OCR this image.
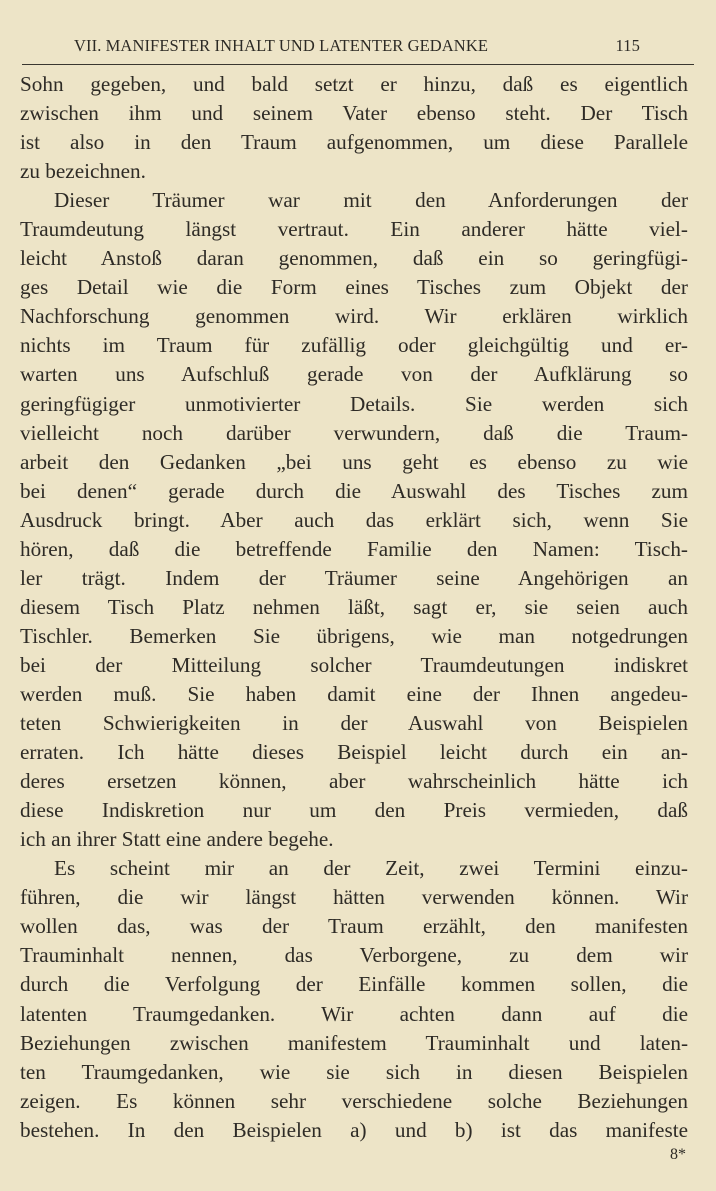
VII. MANIFESTER INHALT UND LATENTER GEDANKE	115
Sohn gegeben, und bald setzt er hinzu, daß es eigentlich
zwischen ihm und seinem Vater ebenso steht. Der Tisch
ist also in den Traum aufgenommen, um diese Parallele
zu bezeichnen.
Dieser Träumer war mit den Anforderungen der
Traumdeutung längst vertraut. Ein anderer hätte viel-
leicht Anstoß daran genommen, daß ein so geringfügi-
ges Detail wie die Form eines Tisches zum Objekt der
Nachforschung genommen wird. Wir erklären wirklich
nichts im Traum für zufällig oder gleichgültig und er-
warten uns Aufschluß gerade von der Aufklärung so
geringfügiger unmotivierter Details. Sie werden sich
vielleicht noch darüber verwundern, daß die Traum-
arbeit den Gedanken „bei uns geht es ebenso zu wie
bei denen“ gerade durch die Auswahl des Tisches zum
Ausdruck bringt. Aber auch das erklärt sich, wenn Sie
hören, daß die betreffende Familie den Namen: Tisch-
ler trägt. Indem der Träumer seine Angehörigen an
diesem Tisch Platz nehmen läßt, sagt er, sie seien auch
Tischler. Bemerken Sie übrigens, wie man notgedrungen
bei der Mitteilung solcher Traumdeutungen indiskret
werden muß. Sie haben damit eine der Ihnen angedeu-
teten Schwierigkeiten in der Auswahl von Beispielen
erraten. Ich hätte dieses Beispiel leicht durch ein an-
deres ersetzen können, aber wahrscheinlich hätte ich
diese Indiskretion nur um den Preis vermieden, daß
ich an ihrer Statt eine andere begehe.
Es scheint mir an der Zeit, zwei Termini einzu-
führen, die wir längst hätten verwenden können. Wir
wollen das, was der Traum erzählt, den manifesten
Trauminhalt nennen, das Verborgene, zu dem wir
durch die Verfolgung der Einfälle kommen sollen, die
latenten Traumgedanken. Wir achten dann auf die
Beziehungen zwischen manifestem Trauminhalt und laten-
ten Traumgedanken, wie sie sich in diesen Beispielen
zeigen. Es können sehr verschiedene solche Beziehungen
bestehen. In den Beispielen a) und b) ist das manifeste
8*
